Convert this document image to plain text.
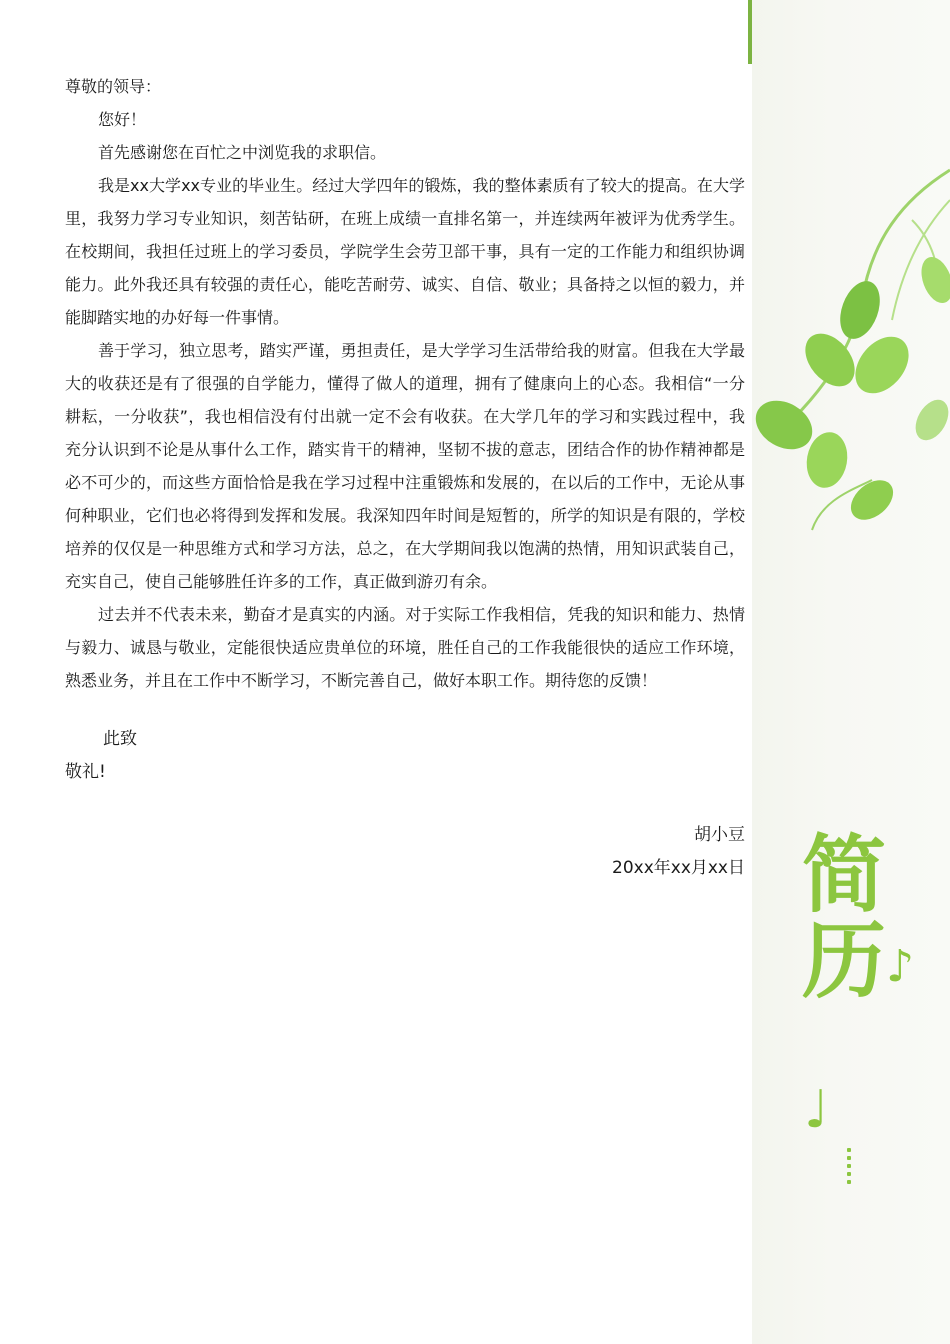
尊敬的领导：

您好！

首先感谢您在百忙之中浏览我的求职信。

我是xx大学xx专业的毕业生。经过大学四年的锻炼，我的整体素质有了较大的提高。在大学里，我努力学习专业知识，刻苦钻研，在班上成绩一直排名第一，并连续两年被评为优秀学生。在校期间，我担任过班上的学习委员，学院学生会劳卫部干事，具有一定的工作能力和组织协调能力。此外我还具有较强的责任心，能吃苦耐劳、诚实、自信、敬业；具备持之以恒的毅力，并能脚踏实地的办好每一件事情。

善于学习，独立思考，踏实严谨，勇担责任，是大学学习生活带给我的财富。但我在大学最大的收获还是有了很强的自学能力，懂得了做人的道理，拥有了健康向上的心态。我相信“一分耕耘，一分收获”，我也相信没有付出就一定不会有收获。在大学几年的学习和实践过程中，我充分认识到不论是从事什么工作，踏实肯干的精神，坚韧不拔的意志，团结合作的协作精神都是必不可少的，而这些方面恰恰是我在学习过程中注重锻炼和发展的，在以后的工作中，无论从事何种职业，它们也必将得到发挥和发展。我深知四年时间是短暂的，所学的知识是有限的，学校培养的仅仅是一种思维方式和学习方法，总之，在大学期间我以饱满的热情，用知识武装自己，充实自己，使自己能够胜任许多的工作，真正做到游刃有余。

过去并不代表未来，勤奋才是真实的内涵。对于实际工作我相信，凭我的知识和能力、热情与毅力、诚恳与敬业，定能很快适应贵单位的环境，胜任自己的工作我能很快的适应工作环境，熟悉业务，并且在工作中不断学习，不断完善自己，做好本职工作。期待您的反馈！

此致

敬礼!

胡小豆

20xx年xx月xx日 简
历♪
♩
